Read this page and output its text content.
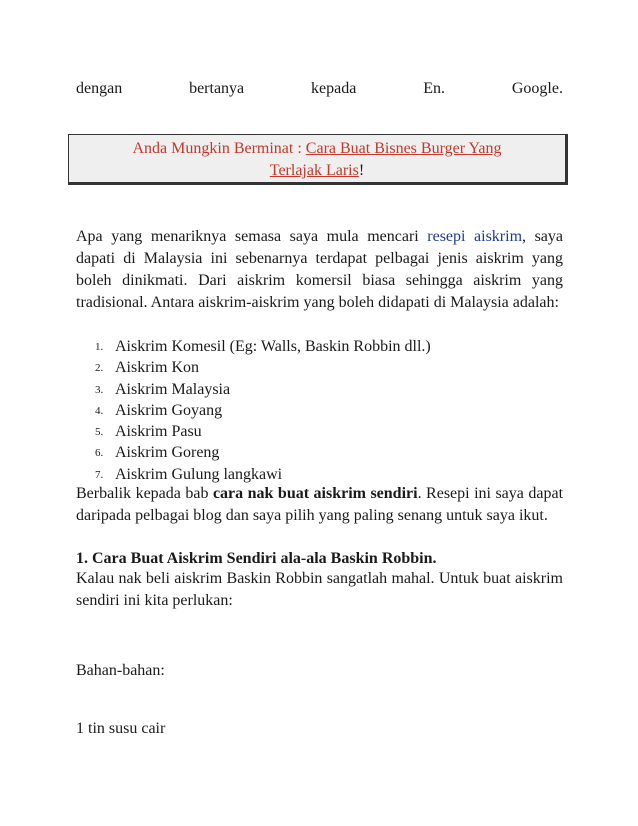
dengan	bertanya	kepada	En.	Google.
Anda Mungkin Berminat : Cara Buat Bisnes Burger Yang
Terlajak Laris!
Apa yang menariknya semasa saya mula mencari resepi aiskrim, saya dapati di Malaysia ini sebenarnya terdapat pelbagai jenis aiskrim yang boleh dinikmati. Dari aiskrim komersil biasa sehingga aiskrim yang tradisional. Antara aiskrim-aiskrim yang boleh didapati di Malaysia adalah:
1. Aiskrim Komesil (Eg: Walls, Baskin Robbin dll.)
2. Aiskrim Kon
3. Aiskrim Malaysia
4. Aiskrim Goyang
5. Aiskrim Pasu
6. Aiskrim Goreng
7. Aiskrim Gulung langkawi
Berbalik kepada bab cara nak buat aiskrim sendiri. Resepi ini saya dapat daripada pelbagai blog dan saya pilih yang paling senang untuk saya ikut.
1. Cara Buat Aiskrim Sendiri ala-ala Baskin Robbin.
Kalau nak beli aiskrim Baskin Robbin sangatlah mahal. Untuk buat aiskrim sendiri ini kita perlukan:
Bahan-bahan:
1 tin susu cair
